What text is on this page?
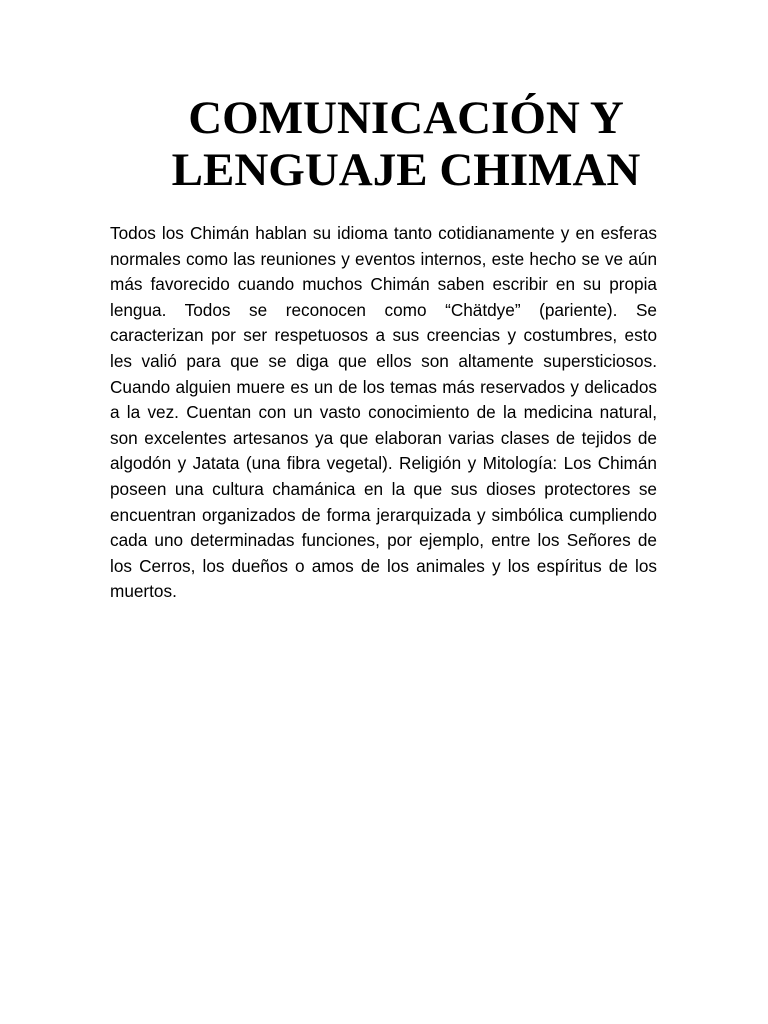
COMUNICACIÓN Y
LENGUAJE CHIMAN

Todos los Chimán hablan su idioma tanto cotidianamente y en esferas normales como las reuniones y eventos internos, este hecho se ve aún más favorecido cuando muchos Chimán saben escribir en su propia lengua. Todos se reconocen como “Chätdye” (pariente). Se caracterizan por ser respetuosos a sus creencias y costumbres, esto les valió para que se diga que ellos son altamente supersticiosos. Cuando alguien muere es un de los temas más reservados y delicados a la vez. Cuentan con un vasto conocimiento de la medicina natural, son excelentes artesanos ya que elaboran varias clases de tejidos de algodón y Jatata (una fibra vegetal). Religión y Mitología: Los Chimán poseen una cultura chamánica en la que sus dioses protectores se encuentran organizados de forma jerarquizada y simbólica cumpliendo cada uno determinadas funciones, por ejemplo, entre los Señores de los Cerros, los dueños o amos de los animales y los espíritus de los muertos.
